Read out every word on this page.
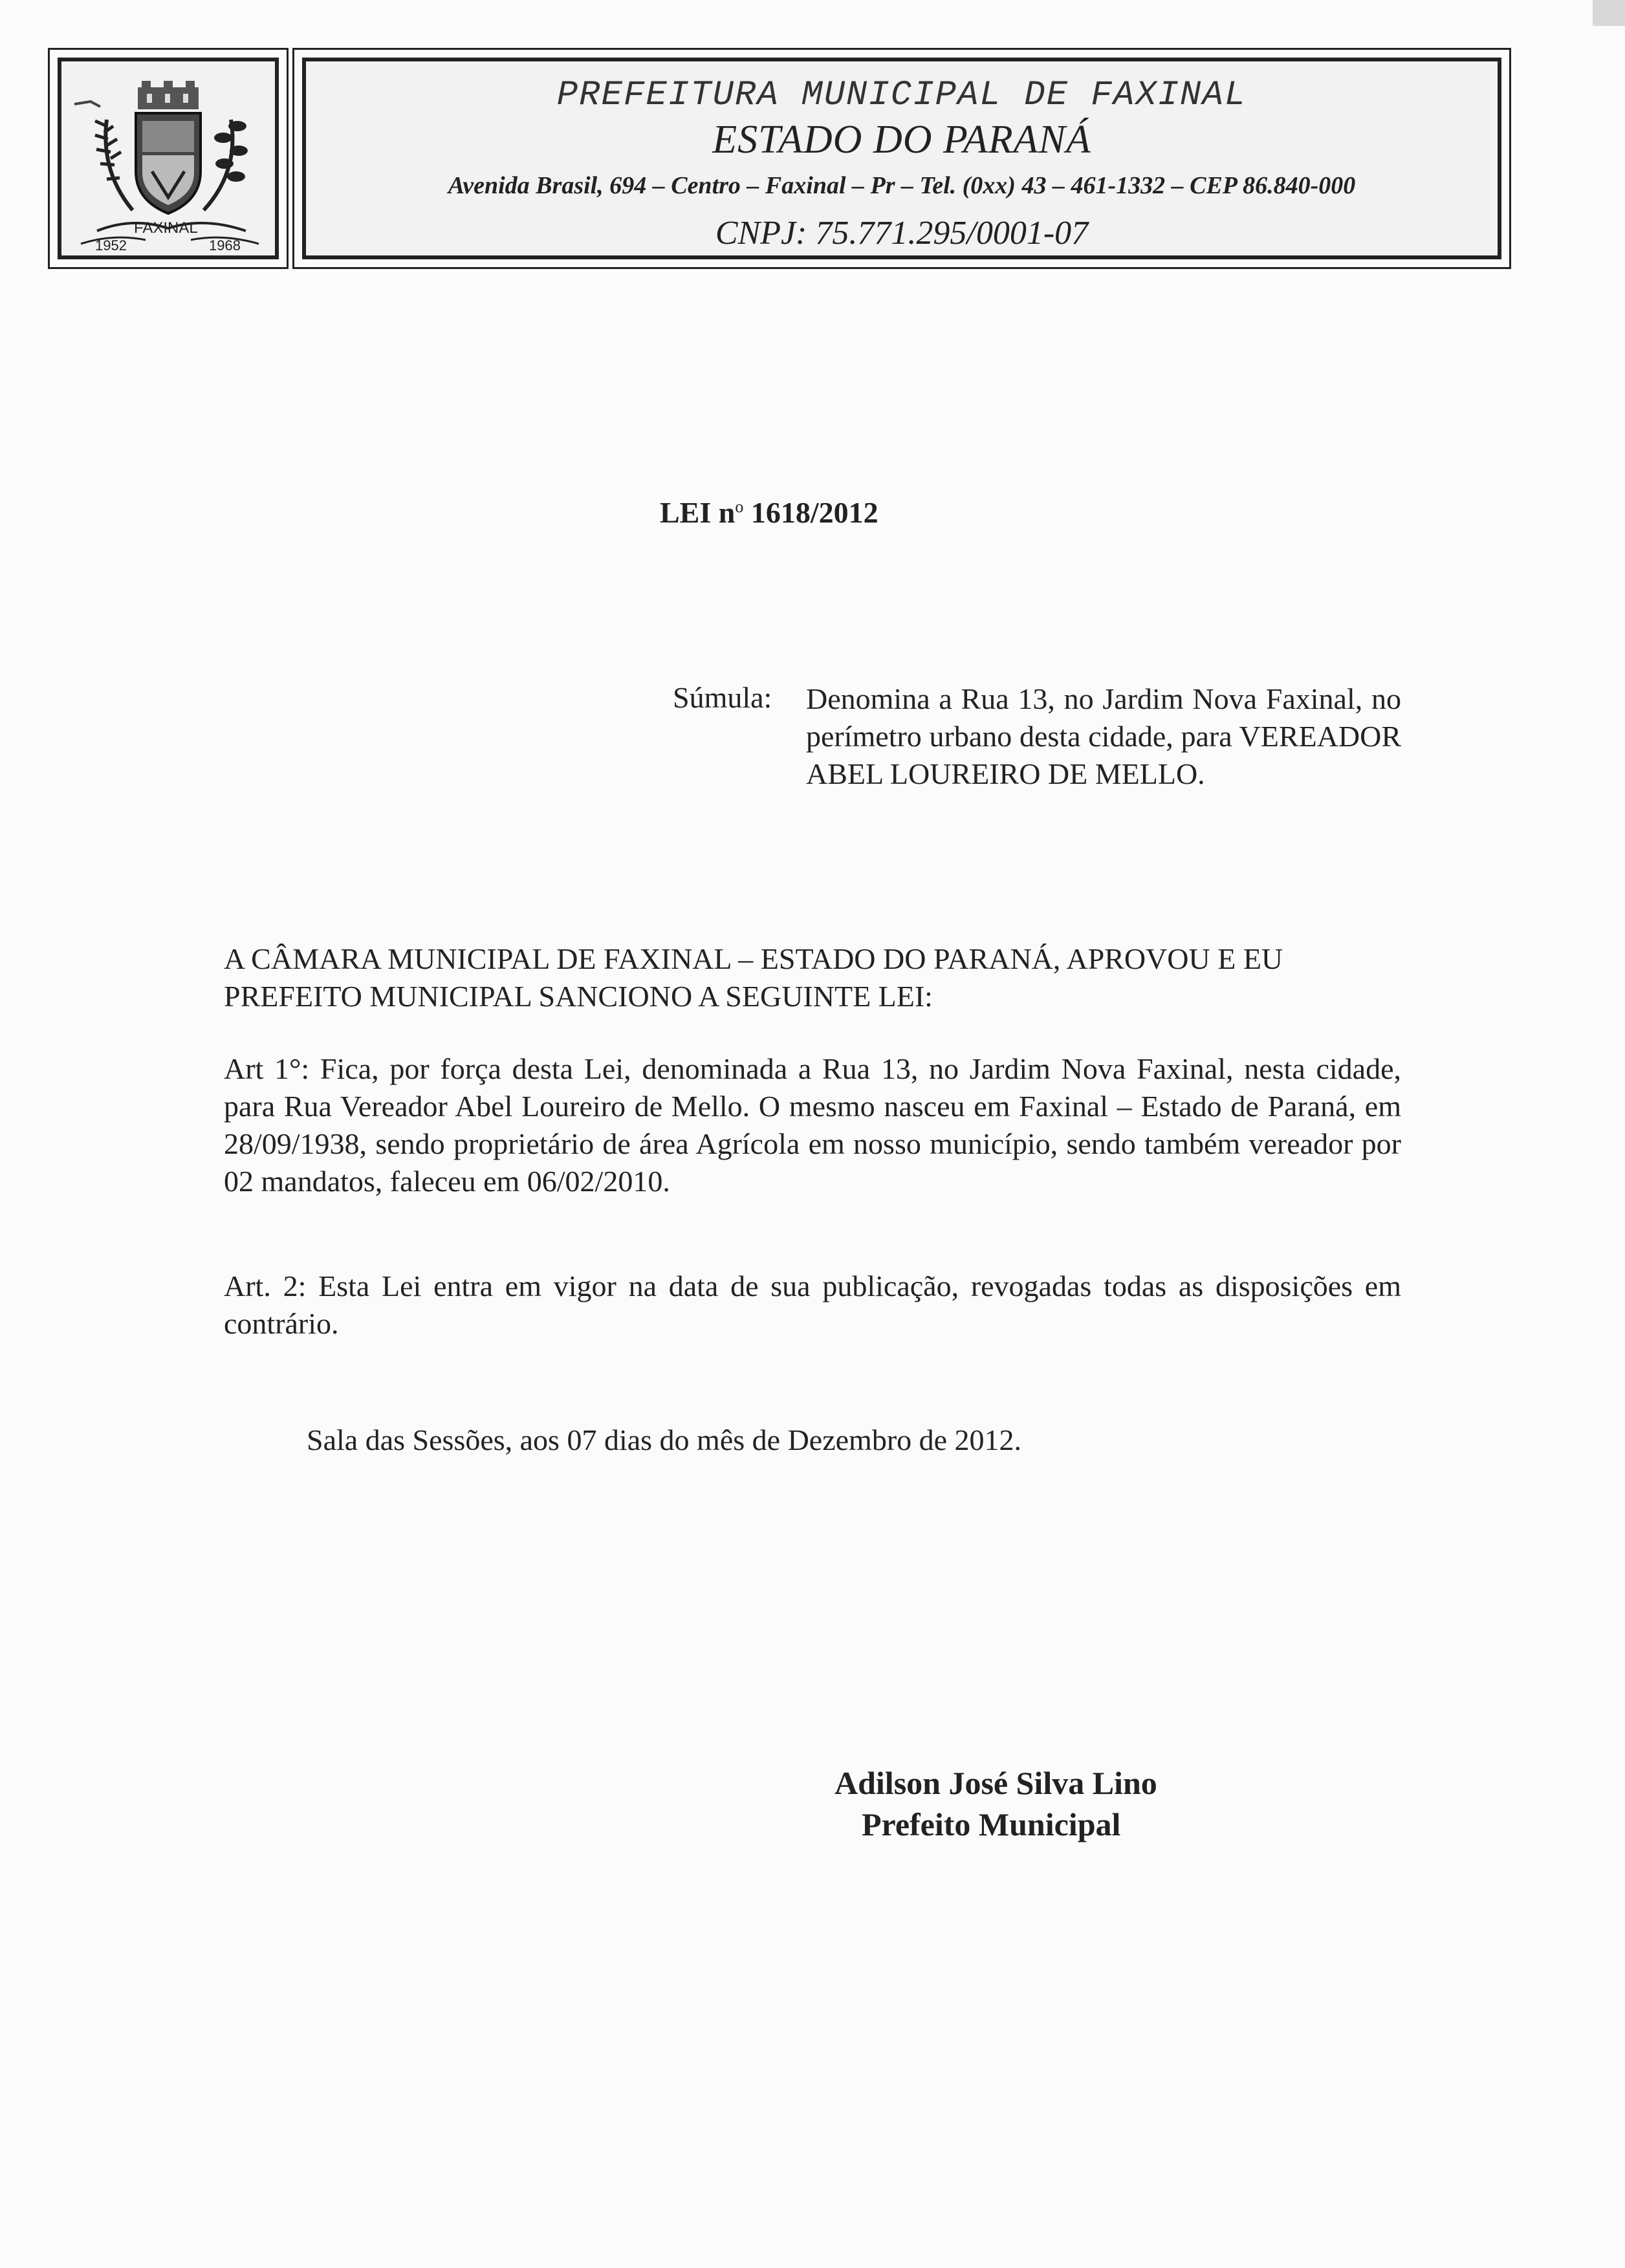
FAXINAL
1952	1968
PREFEITURA MUNICIPAL DE FAXINAL
ESTADO DO PARANÁ
Avenida Brasil, 694 – Centro – Faxinal – Pr – Tel. (0xx) 43 – 461-1332 – CEP 86.840-000
CNPJ: 75.771.295/0001-07
LEI $n^o$ 1618/2012
Súmula: Denomina a Rua 13, no Jardim Nova Faxinal, no perímetro urbano desta cidade, para VEREADOR ABEL LOUREIRO DE MELLO.
A CÂMARA MUNICIPAL DE FAXINAL – ESTADO DO PARANÁ, APROVOU E EU PREFEITO MUNICIPAL SANCIONO A SEGUINTE LEI:
Art 1°: Fica, por força desta Lei, denominada a Rua 13, no Jardim Nova Faxinal, nesta cidade, para Rua Vereador Abel Loureiro de Mello. O mesmo nasceu em Faxinal – Estado de Paraná, em 28/09/1938, sendo proprietário de área Agrícola em nosso município, sendo também vereador por 02 mandatos, faleceu em 06/02/2010.
Art. 2: Esta Lei entra em vigor na data de sua publicação, revogadas todas as disposições em contrário.
Sala das Sessões, aos 07 dias do mês de Dezembro de 2012.
Adilson José Silva Lino
Prefeito Municipal
